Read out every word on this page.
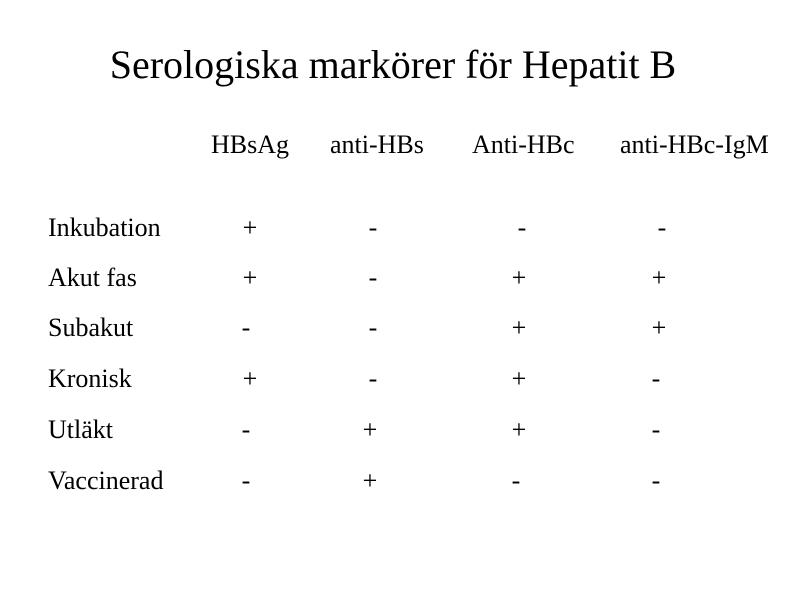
Serologiska markörer för Hepatit B
HBsAg anti-HBs Anti-HBc anti-HBc-IgM
Inkubation	+	-	-	-
Akut fas	+	-	+	+
Subakut	-	-	+	+
Kronisk	+	-	+	-
Utläkt	-	+	+	-
Vaccinerad	-	+	-	-
